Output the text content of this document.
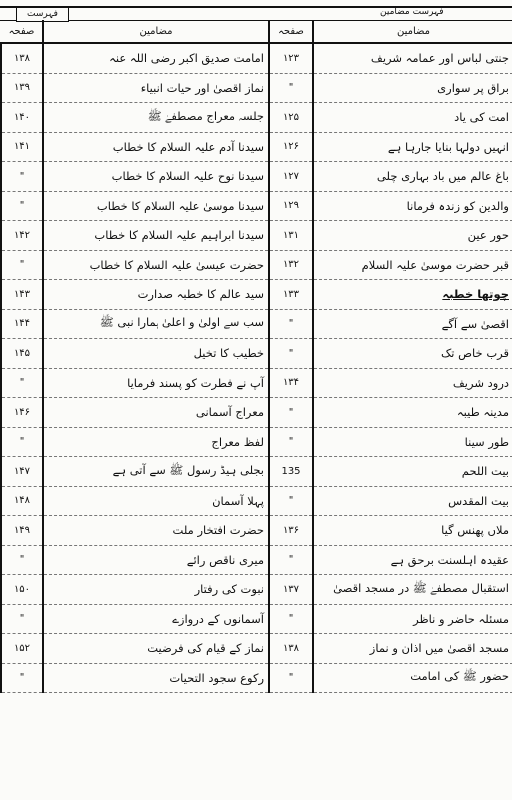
فہرست	فہرست مضامین
صفحہ	مضامین	صفحہ	مضامین
۱۳۸	امامت صدیق اکبر رضی اللہ عنہ	۱۲۳	جنتی لباس اور عمامہ شریف
۱۳۹	نماز اقصیٰ اور حیات انبیاء	"	براق پر سواری
۱۴۰	جلسہ معراج مصطفےٰ ﷺ	۱۲۵	امت کی یاد
۱۴۱	سیدنا آدم علیہ السلام کا خطاب	۱۲۶	انہیں دولہا بنایا جارہا ہے
"	سیدنا نوح علیہ السلام کا خطاب	۱۲۷	باغ عالم میں باد بہاری چلی
"	سیدنا موسیٰ علیہ السلام کا خطاب	۱۲۹	والدین کو زندہ فرمانا
۱۴۲	سیدنا ابراہیم علیہ السلام کا خطاب	۱۳۱	حور عین
"	حضرت عیسیٰ علیہ السلام کا خطاب	۱۳۲	قبر حضرت موسیٰ علیہ السلام
۱۴۳	سید عالم کا خطبہ صدارت	۱۳۳	چوتھا خطبہ
۱۴۴	سب سے اولیٰ و اعلیٰ ہمارا نبی ﷺ	"	اقصیٰ سے آگے
۱۴۵	خطیب کا تخیل	"	قرب خاص تک
"	آپ نے فطرت کو پسند فرمایا	۱۳۴	درود شریف
۱۴۶	معراج آسمانی	"	مدینہ طیبہ
"	لفظ معراج	"	طور سینا
۱۴۷	بجلی ہیڈ رسول ﷺ سے آتی ہے	135	بیت اللحم
۱۴۸	پہلا آسمان	"	بیت المقدس
۱۴۹	حضرت افتخار ملت	۱۳۶	ملاں پھنس گیا
"	میری ناقص رائے	"	عقیدہ اہلسنت برحق ہے
۱۵۰	نبوت کی رفتار	۱۳۷	استقبال مصطفےٰ ﷺ در مسجد اقصیٰ
"	آسمانوں کے دروازے	"	مسئلہ حاضر و ناظر
۱۵۲	نماز کے قیام کی فرضیت	۱۳۸	مسجد اقصیٰ میں اذان و نماز
"	رکوع سجود التحیات	"	حضور ﷺ کی امامت
